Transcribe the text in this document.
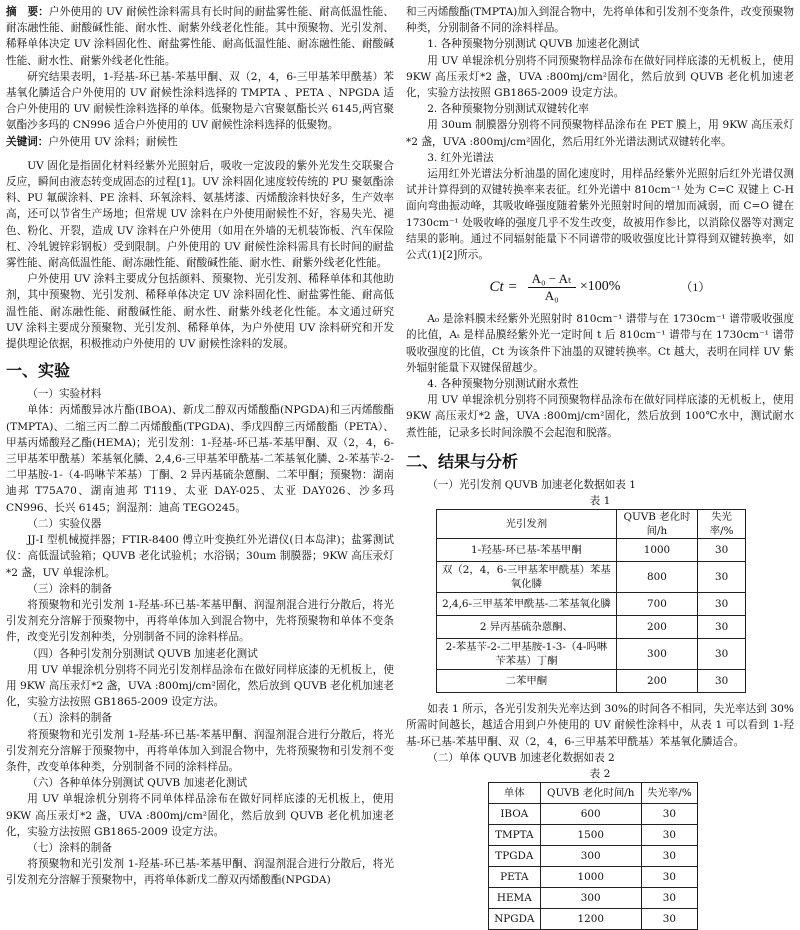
摘　要：户外使用的 UV 耐候性涂料需具有长时间的耐盐雾性能、耐高低温性能、耐冻融性能、耐酸碱性能、耐水性、耐紫外线老化性能。其中预聚物、光引发剂、稀释单体决定 UV 涂料固化性、耐盐雾性能、耐高低温性能、耐冻融性能、耐酸碱性能、耐水性、耐紫外线老化性能。

研究结果表明，1-羟基-环已基-苯基甲酮、双（2，4，6-三甲基苯甲酰基）苯基氧化膦适合户外使用的 UV 耐候性涂料选择的 TMPTA 、PETA 、NPGDA 适合户外使用的 UV 耐候性涂料选择的单体。低聚物是六官聚氨酯长兴 6145,两官聚氨酯沙多玛的 CN996 适合户外使用的 UV 耐候性涂料选择的低聚物。

关键词：户外使用 UV 涂料；耐候性

UV 固化是指固化材料经紫外光照射后，吸收一定波段的紫外光发生交联聚合反应，瞬间由液态转变成固态的过程[1]。UV 涂料固化速度较传统的 PU 聚氨酯涂料、PU 氟碳涂料、PE 涂料、环氧涂料、氨基烤漆、丙烯酸涂料快好多，生产效率高，还可以节省生产场地；但常规 UV 涂料在户外使用耐候性不好，容易失光、褪色、粉化、开裂，造成 UV 涂料在户外使用（如用在外墙的无机装饰板、汽车保险杠、冷轧镀锌彩钢板）受到限制。户外使用的 UV 耐候性涂料需具有长时间的耐盐雾性能、耐高低温性能、耐冻融性能、耐酸碱性能、耐水性、耐紫外线老化性能。

户外使用 UV 涂料主要成分包括颜料、预聚物、光引发剂、稀释单体和其他助剂，其中预聚物、光引发剂、稀释单体决定 UV 涂料固化性、耐盐雾性能、耐高低温性能、耐冻融性能、耐酸碱性能、耐水性、耐紫外线老化性能。本文通过研究 UV 涂料主要成分预聚物、光引发剂、稀释单体，为户外使用 UV 涂料研究和开发提供理论依据，积极推动户外使用的 UV 耐候性涂料的发展。

一、实验

（一）实验材料

单体：丙烯酸异冰片酯(IBOA)、新戊二醇双丙烯酸酯(NPGDA)和三丙烯酸酯(TMPTA)、二缩三丙二醇二丙烯酸酯(TPGDA)、季戊四醇三丙烯酸酯（PETA）、甲基丙烯酸羟乙酯(HEMA)；光引发剂：1-羟基-环已基-苯基甲酮、双（2，4，6-三甲基苯甲酰基）苯基氧化膦、2,4,6-三甲基苯甲酰基-二苯基氧化膦、2-苯基苄-2-二甲基胺-1-（4-吗啉苄苯基）丁酮、2 异丙基硫杂蒽酮、二苯甲酮；预聚物：湖南迪邦 T75A70、湖南迪邦 T119、太亚 DAY-025、太亚 DAY026、沙多玛 CN996、长兴 6145；润湿剂：迪高 TEGO245。

（二）实验仪器

JJ-I 型机械搅拌器；FTIR-8400 傅立叶变换红外光谱仪(日本岛津)；盐雾测试仪：高低温试验箱；QUVB 老化试验机；水浴锅；30um 制膜器；9KW 高压汞灯*2 盏，UV 单辊涂机。

（三）涂料的制备

将预聚物和光引发剂 1-羟基-环已基-苯基甲酮、润湿剂混合进行分散后，将光引发剂充分溶解于预聚物中，再将单体加入到混合物中，先将预聚物和单体不变条件，改变光引发剂种类，分别制备不同的涂料样品。

（四）各种引发剂分别测试 QUVB 加速老化测试

用 UV 单辊涂机分别将不同光引发剂样品涂布在做好同样底漆的无机板上，使用 9KW 高压汞灯*2 盏，UVA :800mj/cm²固化，然后放到 QUVB 老化机加速老化，实验方法按照 GB1865-2009 设定方法。

（五）涂料的制备

将预聚物和光引发剂 1-羟基-环已基-苯基甲酮、润湿剂混合进行分散后，将光引发剂充分溶解于预聚物中，再将单体加入到混合物中，先将预聚物和引发剂不变条件，改变单体种类，分别制备不同的涂料样品。

（六）各种单体分别测试 QUVB 加速老化测试

用 UV 单辊涂机分别将不同单体样品涂布在做好同样底漆的无机板上，使用 9KW 高压汞灯*2 盏，UVA :800mj/cm²固化，然后放到 QUVB 老化机加速老化，实验方法按照 GB1865-2009 设定方法。

（七）涂料的制备

将预聚物和光引发剂 1-羟基-环已基-苯基甲酮、润湿剂混合进行分散后，将光引发剂充分溶解于预聚物中，再将单体新戊二醇双丙烯酸酯(NPGDA)

和三丙烯酸酯(TMPTA)加入到混合物中，先将单体和引发剂不变条件，改变预聚物种类，分别制备不同的涂料样品。

1. 各种预聚物分别测试 QUVB 加速老化测试

用 UV 单辊涂机分别将不同预聚物样品涂布在做好同样底漆的无机板上，使用 9KW 高压汞灯*2 盏，UVA :800mj/cm²固化，然后放到 QUVB 老化机加速老化，实验方法按照 GB1865-2009 设定方法。

2. 各种预聚物分别测试双键转化率

用 30um 制膜器分别将不同预聚物样品涂布在 PET 膜上，用 9KW 高压汞灯*2 盏，UVA :800mj/cm²固化，然后用红外光谱法测试双键转化率。

3. 红外光谱法

运用红外光谱法分析油墨的固化速度时，用样品经紫外光照射后红外光谱仅测试并计算得到的双键转换率来表征。红外光谱中 810cm⁻¹ 处为 C=C 双键上 C-H 面向弯曲振动峰，其吸收峰强度随着紫外光照射时间的增加而减弱，而 C=O 键在 1730cm⁻¹ 处吸收峰的强度几乎不发生改变，故被用作参比，以消除仪器等对测定结果的影响。通过不同辐射能量下不同谱带的吸收强度比计算得到双键转换率，如公式(1)[2]所示。

$Ct = \frac{\text{A₀ − Aₜ}}{\text{A₀}} \times 100\%$	（1）

A₀ 是涂料膜未经紫外光照射时 810cm⁻¹ 谱带与在 1730cm⁻¹ 谱带吸收强度的比值，Aₜ 是样品膜经紫外光一定时间 t 后 810cm⁻¹ 谱带与在 1730cm⁻¹ 谱带吸收强度的比值，Ct 为该条件下油墨的双键转换率。Ct 越大，表明在同样 UV 紫外辐射能量下双键保留越少。

4. 各种预聚物分别测试耐水煮性

用 UV 单辊涂机分别将不同预聚物样品涂布在做好同样底漆的无机板上，使用 9KW 高压汞灯*2 盏，UVA :800mj/cm²固化，然后放到 100℃水中，测试耐水煮性能，记录多长时间涂膜不会起泡和脱落。

二、结果与分析

（一）光引发剂 QUVB 加速老化数据如表 1

表 1

光引发剂	QUVB 老化时间/h	失光率/%
1-羟基-环已基-苯基甲酮	1000	30
双（2，4，6-三甲基苯甲酰基）苯基氧化膦	800	30
2,4,6-三甲基苯甲酰基-二苯基氧化膦	700	30
2 异丙基硫杂蒽酮、	200	30
2-苯基苄-2-二甲基胺-1-3-（4-吗啉苄苯基）丁酮	300	30
二苯甲酮	200	30

如表 1 所示，各光引发剂失光率达到 30%的时间各不相同，失光率达到 30%所需时间越长，越适合用到户外使用的 UV 耐候性涂料中，从表 1 可以看到 1-羟基-环已基-苯基甲酮、双（2，4，6-三甲基苯甲酰基）苯基氧化膦适合。

（二）单体 QUVB 加速老化数据如表 2

表 2

单体	QUVB 老化时间/h	失光率/%
IBOA	600	30
TMPTA	1500	30
TPGDA	300	30
PETA	1000	30
HEMA	300	30
NPGDA	1200	30
